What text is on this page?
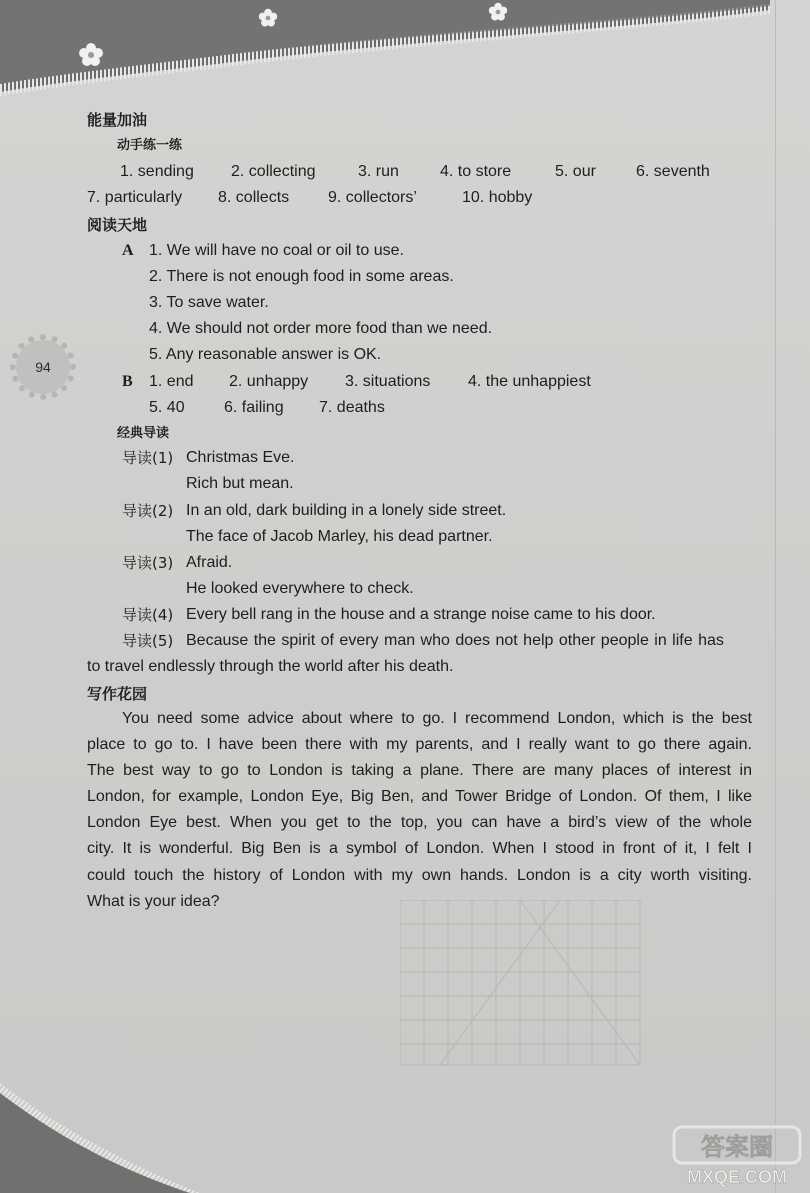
94
能量加油
动手练一练
1. sending 2. collecting	3. run	4. to store	5. our	6. seventh
7. particularly 8. collects 9. collectors’	10. hobby
阅读天地
A 1. We will have no coal or oil to use.
2. There is not enough food in some areas.
3. To save water.
4. We should not order more food than we need.
5. Any reasonable answer is OK.
B 1. end 2. unhappy 3. situations 4. the unhappiest
5. 40 6. failing 7. deaths
经典导读
导读(1) Christmas Eve.
Rich but mean.
导读(2) In an old, dark building in a lonely side street.
The face of Jacob Marley, his dead partner.
导读(3) Afraid.
He looked everywhere to check.
导读(4) Every bell rang in the house and a strange noise came to his door.
导读(5) Because the spirit of every man who does not help other people in life has
to travel endlessly through the world after his death.
写作花园
You need some advice about where to go. I recommend London, which is the best
place to go to. I have been there with my parents, and I really want to go there again.
The best way to go to London is taking a plane. There are many places of interest in
London, for example, London Eye, Big Ben, and Tower Bridge of London. Of them, I like
London Eye best. When you get to the top, you can have a bird’s view of the whole
city. It is wonderful. Big Ben is a symbol of London. When I stood in front of it, I felt I
could touch the history of London with my own hands. London is a city worth visiting.
What is your idea?
答案圈
MXQE.COM
